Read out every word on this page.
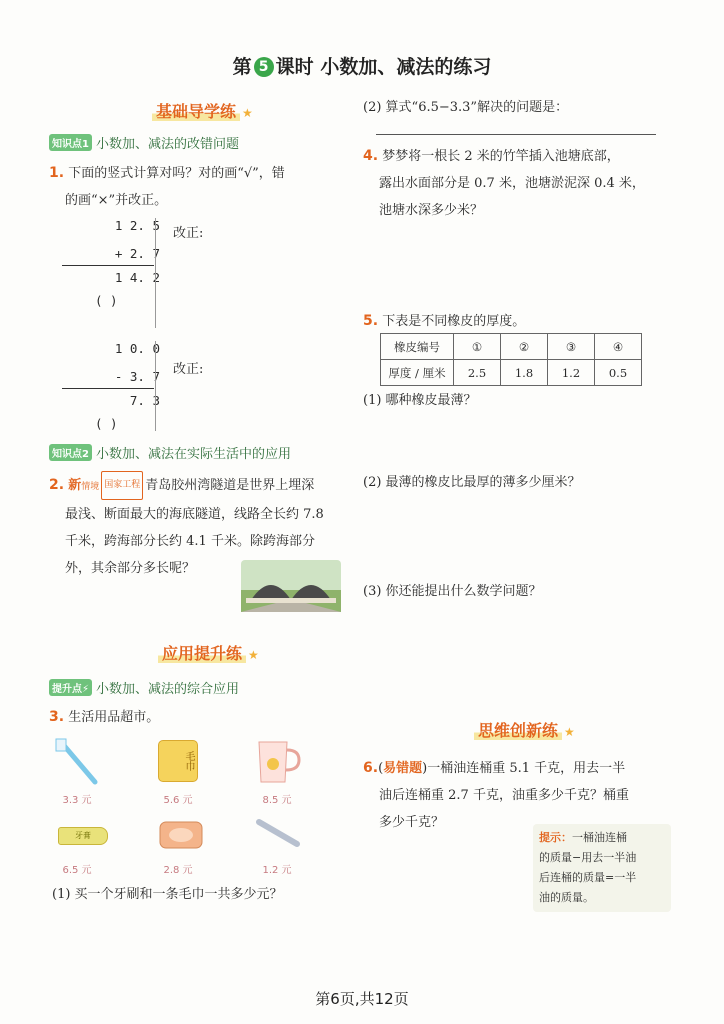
第 5 课时 小数加、减法的练习
基础导学练 ★
知识点1 小数加、减法的改错问题
1. 下面的竖式计算对吗？对的画“√”，错
的画“×”并改正。
1 2. 5
+ 2. 7
1 4. 2
( )
改正:
1 0. 0
- 3. 7
7. 3
( )
改正:
知识点2 小数加、减法在实际生活中的应用
2. 新情境 国家工程 青岛胶州湾隧道是世界上埋深
最浅、断面最大的海底隧道，线路全长约 7.8
千米，跨海部分长约 4.1 千米。除跨海部分
外，其余部分多长呢？
应用提升练 ★
提升点⚡ 小数加、减法的综合应用
3. 生活用品超市。
3.3 元
毛巾
5.6 元	8.5 元
牙膏
6.5 元	2.8 元	1.2 元
(1) 买一个牙刷和一条毛巾一共多少元？
(2) 算式“6.5−3.3”解决的问题是：
4. 梦梦将一根长 2 米的竹竿插入池塘底部，
露出水面部分是 0.7 米，池塘淤泥深 0.4 米，
池塘水深多少米？
5. 下表是不同橡皮的厚度。
橡皮编号	①	②	③	④
厚度 / 厘米	2.5	1.8	1.2	0.5
(1) 哪种橡皮最薄？
(2) 最薄的橡皮比最厚的薄多少厘米？
(3) 你还能提出什么数学问题？
思维创新练 ★
6.(易错题)一桶油连桶重 5.1 千克，用去一半
油后连桶重 2.7 千克，油重多少千克？桶重
多少千克？
提示：一桶油连桶
的质量−用去一半油
后连桶的质量=一半
油的质量。
第6页,共12页
